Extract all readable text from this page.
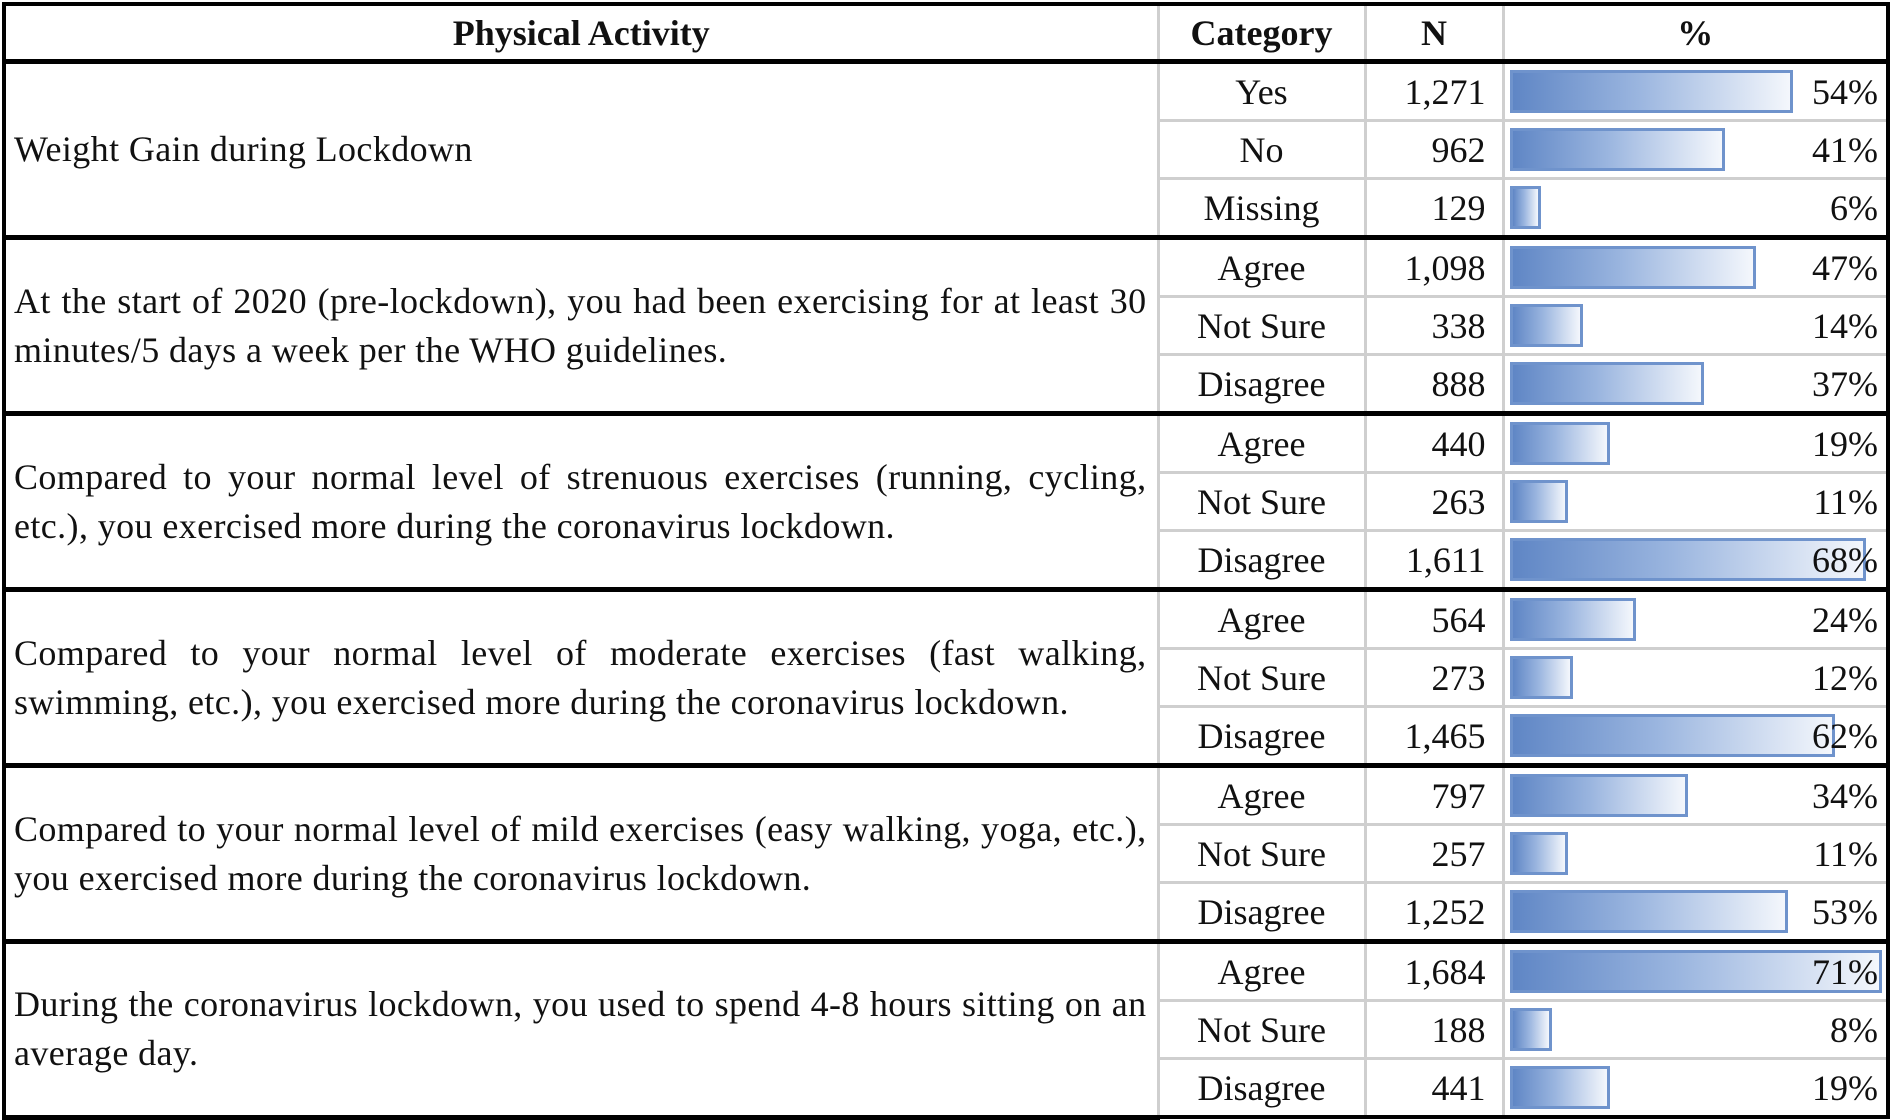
Physical Activity	Category	N	%
Weight Gain during Lockdown	Yes	1,271	54%

	No	962	41%

	Missing	129	6%

At the start of 2020 (pre-lockdown), you had been exercising for at least 30 minutes/5 days a week per the WHO guidelines.	Agree	1,098	47%

	Not Sure	338	14%

	Disagree	888	37%

Compared to your normal level of strenuous exercises (running, cycling, etc.), you exercised more during the coronavirus lockdown.	Agree	440	19%

	Not Sure	263	11%

	Disagree	1,611	68%

Compared to your normal level of moderate exercises (fast walking, swimming, etc.), you exercised more during the coronavirus lockdown.	Agree	564	24%

	Not Sure	273	12%

	Disagree	1,465	62%

Compared to your normal level of mild exercises (easy walking, yoga, etc.), you exercised more during the coronavirus lockdown.	Agree	797	34%

	Not Sure	257	11%

	Disagree	1,252	53%

During the coronavirus lockdown, you used to spend 4-8 hours sitting on an average day.	Agree	1,684	71%

	Not Sure	188	8%

	Disagree	441	19%
